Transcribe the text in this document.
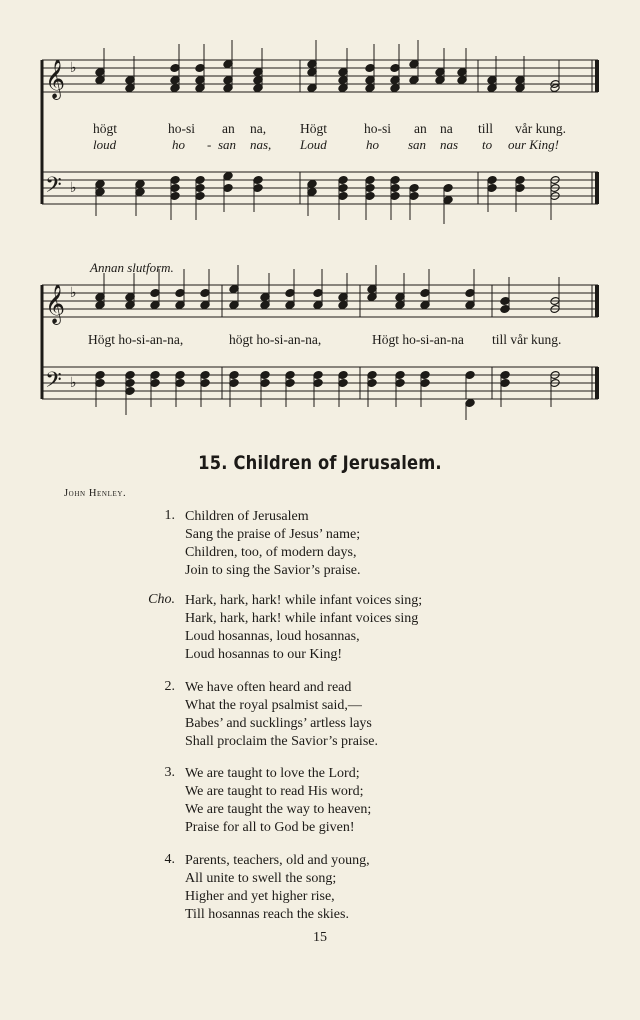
𝄞
𝄢
♭
♭
𝄞
𝄢
♭
♭
högt	ho-si an na,	Högt	ho-si an na till vår kung.
loud	ho - san nas, Loud	ho san nas to our King!
Annan slutform.
Högt ho-si-an-na,	högt ho-si-an-na,	Högt ho-si-an-na till vår kung.
15. Children of Jerusalem.
John Henley.
1. Children of Jerusalem
Sang the praise of Jesus’ name;
Children, too, of modern days,
Join to sing the Savior’s praise.
Cho. Hark, hark, hark! while infant voices sing;
Hark, hark, hark! while infant voices sing
Loud hosannas, loud hosannas,
Loud hosannas to our King!
2. We have often heard and read
What the royal psalmist said,—
Babes’ and sucklings’ artless lays
Shall proclaim the Savior’s praise.
3. We are taught to love the Lord;
We are taught to read His word;
We are taught the way to heaven;
Praise for all to God be given!
4. Parents, teachers, old and young,
All unite to swell the song;
Higher and yet higher rise,
Till hosannas reach the skies.
15
